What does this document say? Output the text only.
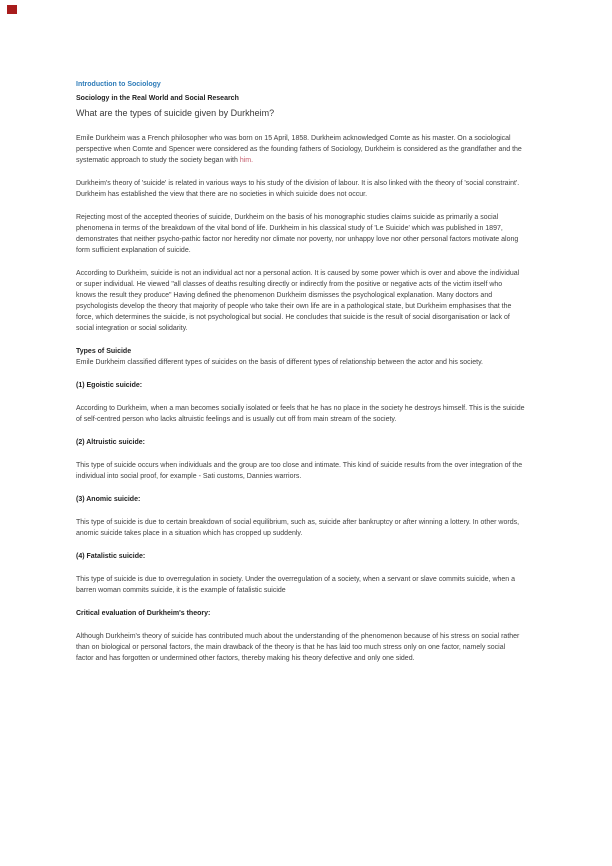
Introduction to Sociology
Sociology in the Real World and Social Research
What are the types of suicide given by Durkheim?
Emile Durkheim was a French philosopher who was born on 15 April, 1858. Durkheim acknowledged Comte as his master. On a sociological
perspective when Comte and Spencer were considered as the founding fathers of Sociology, Durkheim is considered as the grandfather and the
systematic approach to study the society began with him.
Durkheim's theory of 'suicide' is related in various ways to his study of the division of labour. It is also linked with the theory of 'social constraint'.
Durkheim has established the view that there are no societies in which suicide does not occur.
Rejecting most of the accepted theories of suicide, Durkheim on the basis of his monographic studies claims suicide as primarily a social
phenomena in terms of the breakdown of the vital bond of life. Durkheim in his classical study of 'Le Suicide' which was published in 1897,
demonstrates that neither psycho-pathic factor nor heredity nor climate nor poverty, nor unhappy love nor other personal factors motivate along
form sufficient explanation of suicide.
According to Durkheim, suicide is not an individual act nor a personal action. It is caused by some power which is over and above the individual
or super individual. He viewed "all classes of deaths resulting directly or indirectly from the positive or negative acts of the victim itself who
knows the result they produce" Having defined the phenomenon Durkheim dismisses the psychological explanation. Many doctors and
psychologists develop the theory that majority of people who take their own life are in a pathological state, but Durkheim emphasises that the
force, which determines the suicide, is not psychological but social. He concludes that suicide is the result of social disorganisation or lack of
social integration or social solidarity.
Types of Suicide
Emile Durkheim classified different types of suicides on the basis of different types of relationship between the actor and his society.
(1) Egoistic suicide:
According to Durkheim, when a man becomes socially isolated or feels that he has no place in the society he destroys himself. This is the suicide
of self-centred person who lacks altruistic feelings and is usually cut off from main stream of the society.
(2) Altruistic suicide:
This type of suicide occurs when individuals and the group are too close and intimate. This kind of suicide results from the over integration of the
individual into social proof, for example - Sati customs, Dannies warriors.
(3) Anomic suicide:
This type of suicide is due to certain breakdown of social equilibrium, such as, suicide after bankruptcy or after winning a lottery. In other words,
anomic suicide takes place in a situation which has cropped up suddenly.
(4) Fatalistic suicide:
This type of suicide is due to overregulation in society. Under the overregulation of a society, when a servant or slave commits suicide, when a
barren woman commits suicide, it is the example of fatalistic suicide
Critical evaluation of Durkheim's theory:
Although Durkheim's theory of suicide has contributed much about the understanding of the phenomenon because of his stress on social rather
than on biological or personal factors, the main drawback of the theory is that he has laid too much stress only on one factor, namely social
factor and has forgotten or undermined other factors, thereby making his theory defective and only one sided.
